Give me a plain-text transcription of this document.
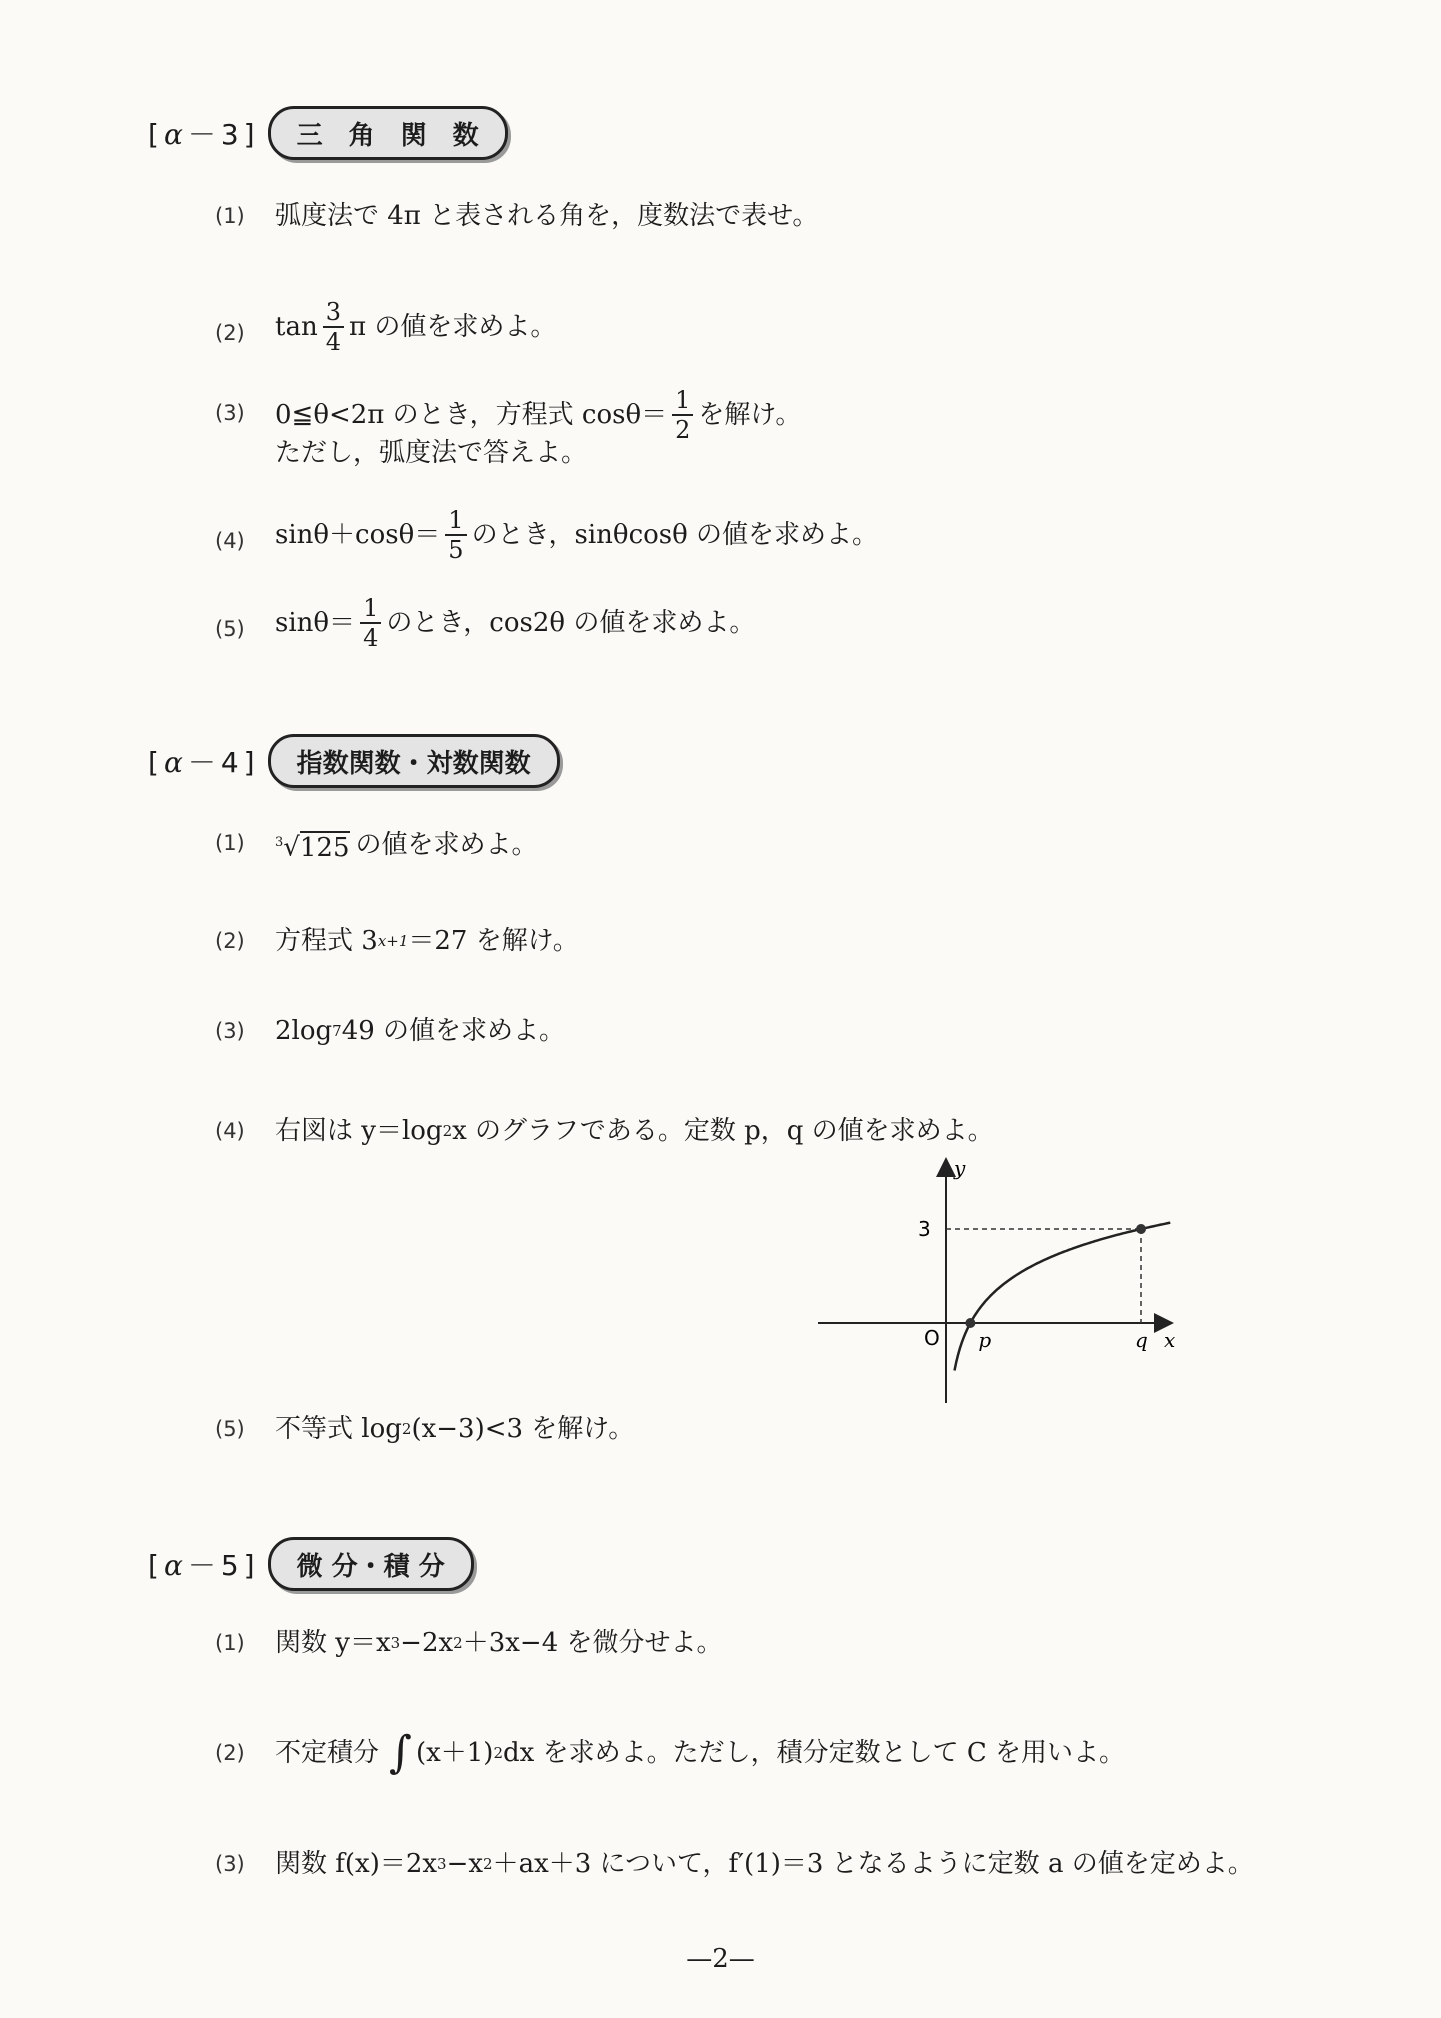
[α－3]	三　角　関　数
(1) 弧度法で 4π と表される角を，度数法で表せ。
(2) $\tan \frac{3}{4}$ π の値を求めよ。
(3) 0≦θ<2π のとき，方程式 $\cos\theta= \frac{1}{2}$ を解け。
ただし，弧度法で答えよ。
(4) $\sin\theta+\cos\theta= \frac{1}{5}$ のとき，sinθcosθ の値を求めよ。
(5) $\sin\theta= \frac{1}{4}$ のとき，cos2θ の値を求めよ。
[α－4]	指数関数・対数関数
(1) $^3$√125 の値を求めよ。
(2) 方程式 3 x+1 ＝27 を解け。
(3) 2log 7 49 の値を求めよ。
(4) 右図は y＝log 2 x のグラフである。定数 p，q の値を求めよ。
y
x
O
3
p	q
(5) 不等式 log 2 (x−3)<3 を解け。
[α－5]	微 分・積 分
(1) 関数 y＝x 3 −2x 2 ＋3x−4 を微分せよ。
(2) 不定積分 ∫ (x＋1) 2 dx を求めよ。ただし，積分定数として C を用いよ。
(3) 関数 f(x)＝2x 3 −x 2 ＋ax＋3 について，f′(1)＝3 となるように定数 a の値を定めよ。
—2—
